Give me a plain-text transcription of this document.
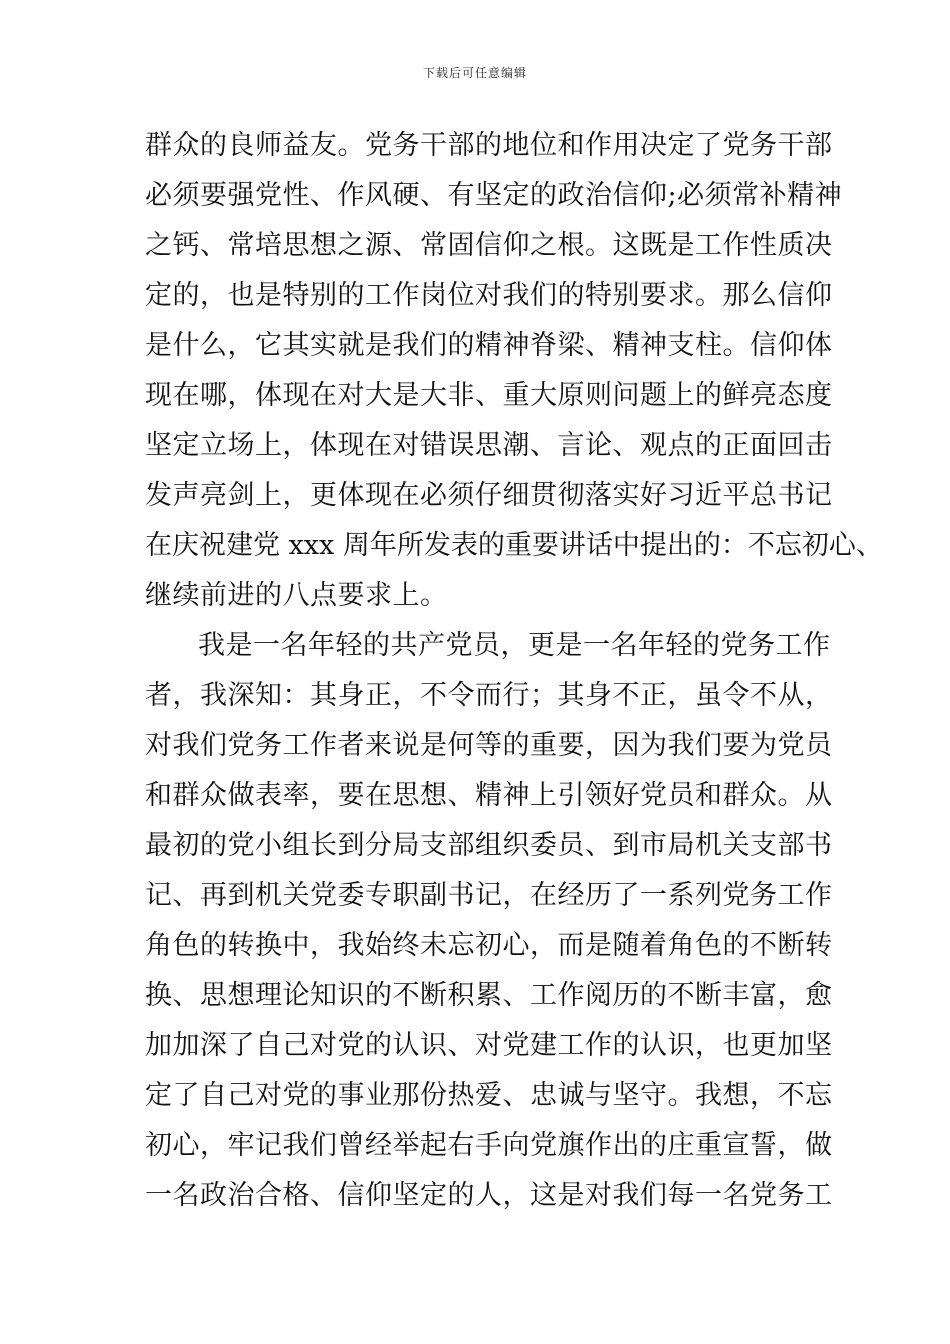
下载后可任意编辑
群众的良师益友。党务干部的地位和作用决定了党务干部
必须要强党性、作风硬、有坚定的政治信仰;必须常补精神
之钙、常培思想之源、常固信仰之根。这既是工作性质决
定的，也是特别的工作岗位对我们的特别要求。那么信仰
是什么，它其实就是我们的精神脊梁、精神支柱。信仰体
现在哪，体现在对大是大非、重大原则问题上的鲜亮态度
坚定立场上，体现在对错误思潮、言论、观点的正面回击
发声亮剑上，更体现在必须仔细贯彻落实好习近平总书记
在庆祝建党 xxx 周年所发表的重要讲话中提出的：不忘初心、
继续前进的八点要求上。
我是一名年轻的共产党员，更是一名年轻的党务工作
者，我深知：其身正，不令而行；其身不正，虽令不从，
对我们党务工作者来说是何等的重要，因为我们要为党员
和群众做表率，要在思想、精神上引领好党员和群众。从
最初的党小组长到分局支部组织委员、到市局机关支部书
记、再到机关党委专职副书记，在经历了一系列党务工作
角色的转换中，我始终未忘初心，而是随着角色的不断转
换、思想理论知识的不断积累、工作阅历的不断丰富，愈
加加深了自己对党的认识、对党建工作的认识，也更加坚
定了自己对党的事业那份热爱、忠诚与坚守。我想，不忘
初心，牢记我们曾经举起右手向党旗作出的庄重宣誓，做
一名政治合格、信仰坚定的人，这是对我们每一名党务工
